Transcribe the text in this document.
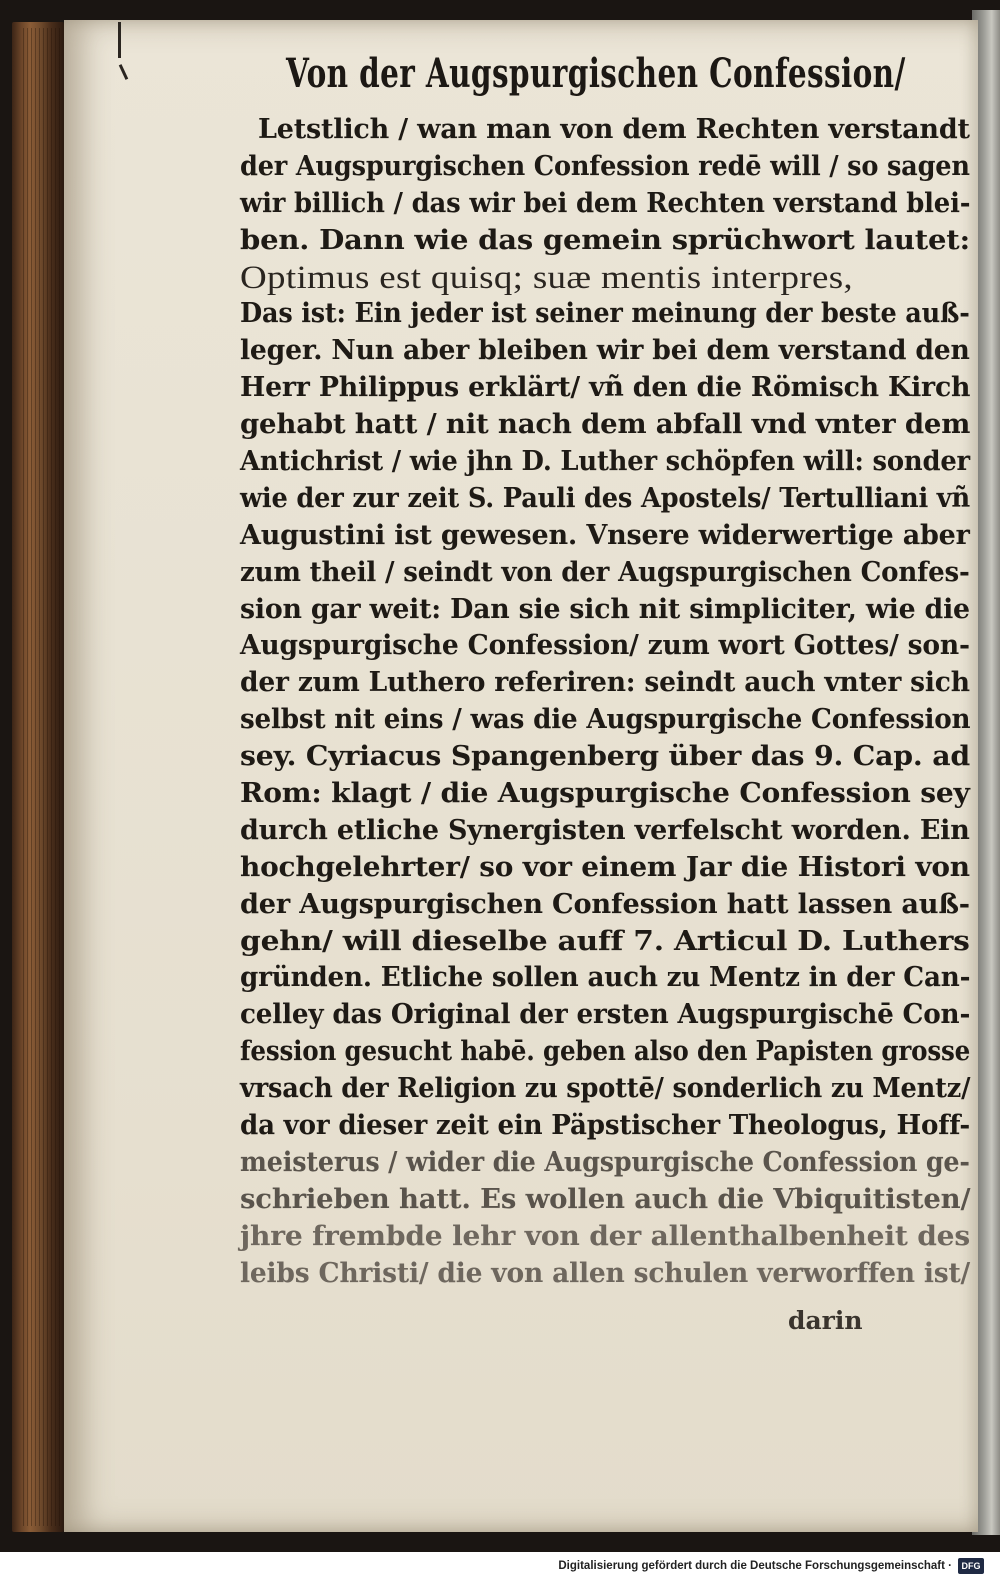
Von der Augspurgischen Confession/
Letstlich / wan man von dem Rechten verstandt
der Augspurgischen Confession redē will / so sagen
wir billich / das wir bei dem Rechten verstand blei-
ben. Dann wie das gemein sprüchwort lautet:
Optimus est quisq; suæ mentis interpres,
Das ist: Ein jeder ist seiner meinung der beste auß-
leger. Nun aber bleiben wir bei dem verstand den
Herr Philippus erklärt/ vñ den die Römisch Kirch
gehabt hatt / nit nach dem abfall vnd vnter dem
Antichrist / wie jhn D. Luther schöpfen will: sonder
wie der zur zeit S. Pauli des Apostels/ Tertulliani vñ
Augustini ist gewesen. Vnsere widerwertige aber
zum theil / seindt von der Augspurgischen Confes-
sion gar weit: Dan sie sich nit simpliciter, wie die
Augspurgische Confession/ zum wort Gottes/ son-
der zum Luthero referiren: seindt auch vnter sich
selbst nit eins / was die Augspurgische Confession
sey. Cyriacus Spangenberg über das 9. Cap. ad
Rom: klagt / die Augspurgische Confession sey
durch etliche Synergisten verfelscht worden. Ein
hochgelehrter/ so vor einem Jar die Histori von
der Augspurgischen Confession hatt lassen auß-
gehn/ will dieselbe auff 7. Articul D. Luthers
gründen. Etliche sollen auch zu Mentz in der Can-
celley das Original der ersten Augspurgischē Con-
fession gesucht habē. geben also den Papisten grosse
vrsach der Religion zu spottē/ sonderlich zu Mentz/
da vor dieser zeit ein Päpstischer Theologus, Hoff-
meisterus / wider die Augspurgische Confession ge-
schrieben hatt. Es wollen auch die Vbiquitisten/
jhre frembde lehr von der allenthalbenheit des
leibs Christi/ die von allen schulen verworffen ist/
darin
Digitalisierung gefördert durch die Deutsche Forschungsgemeinschaft ·	DFG
